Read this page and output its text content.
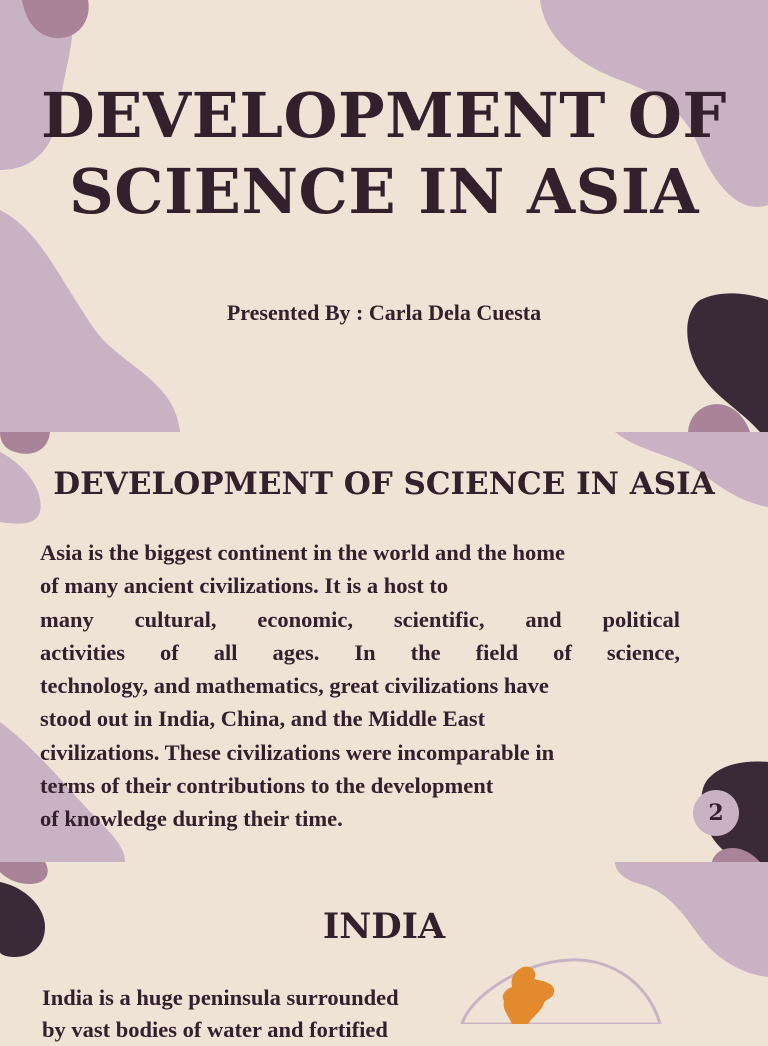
DEVELOPMENT OF
SCIENCE IN ASIA
Presented By : Carla Dela Cuesta
DEVELOPMENT OF SCIENCE IN ASIA
Asia is the biggest continent in the world and the home
of many ancient civilizations. It is a host to
many cultural, economic, scientific, and political
activities of all ages. In the field of science,
technology, and mathematics, great civilizations have
stood out in India, China, and the Middle East
civilizations. These civilizations were incomparable in
terms of their contributions to the development
of knowledge during their time.	2
INDIA
India is a huge peninsula surrounded
by vast bodies of water and fortified
